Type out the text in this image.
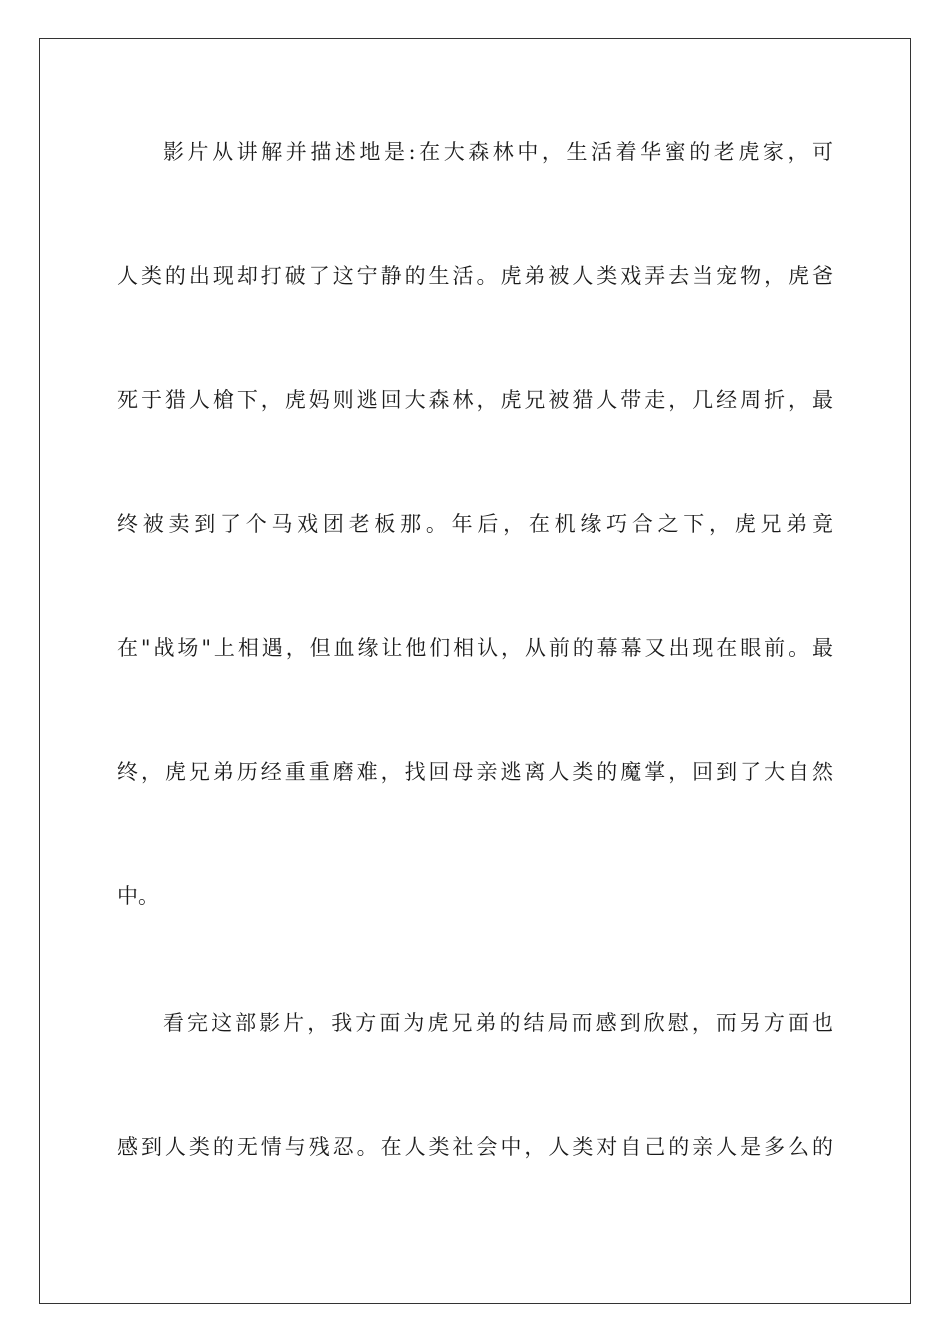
影片从讲解并描述地是:在大森林中，生活着华蜜的老虎家，可
人类的出现却打破了这宁静的生活。虎弟被人类戏弄去当宠物，虎爸
死于猎人槍下，虎妈则逃回大森林，虎兄被猎人带走，几经周折，最
终被卖到了个马戏团老板那。年后，在机缘巧合之下，虎兄弟竟
在"战场"上相遇，但血缘让他们相认，从前的幕幕又出现在眼前。最
终，虎兄弟历经重重磨难，找回母亲逃离人类的魔掌，回到了大自然
中。
看完这部影片，我方面为虎兄弟的结局而感到欣慰，而另方面也
感到人类的无情与残忍。在人类社会中，人类对自己的亲人是多么的
